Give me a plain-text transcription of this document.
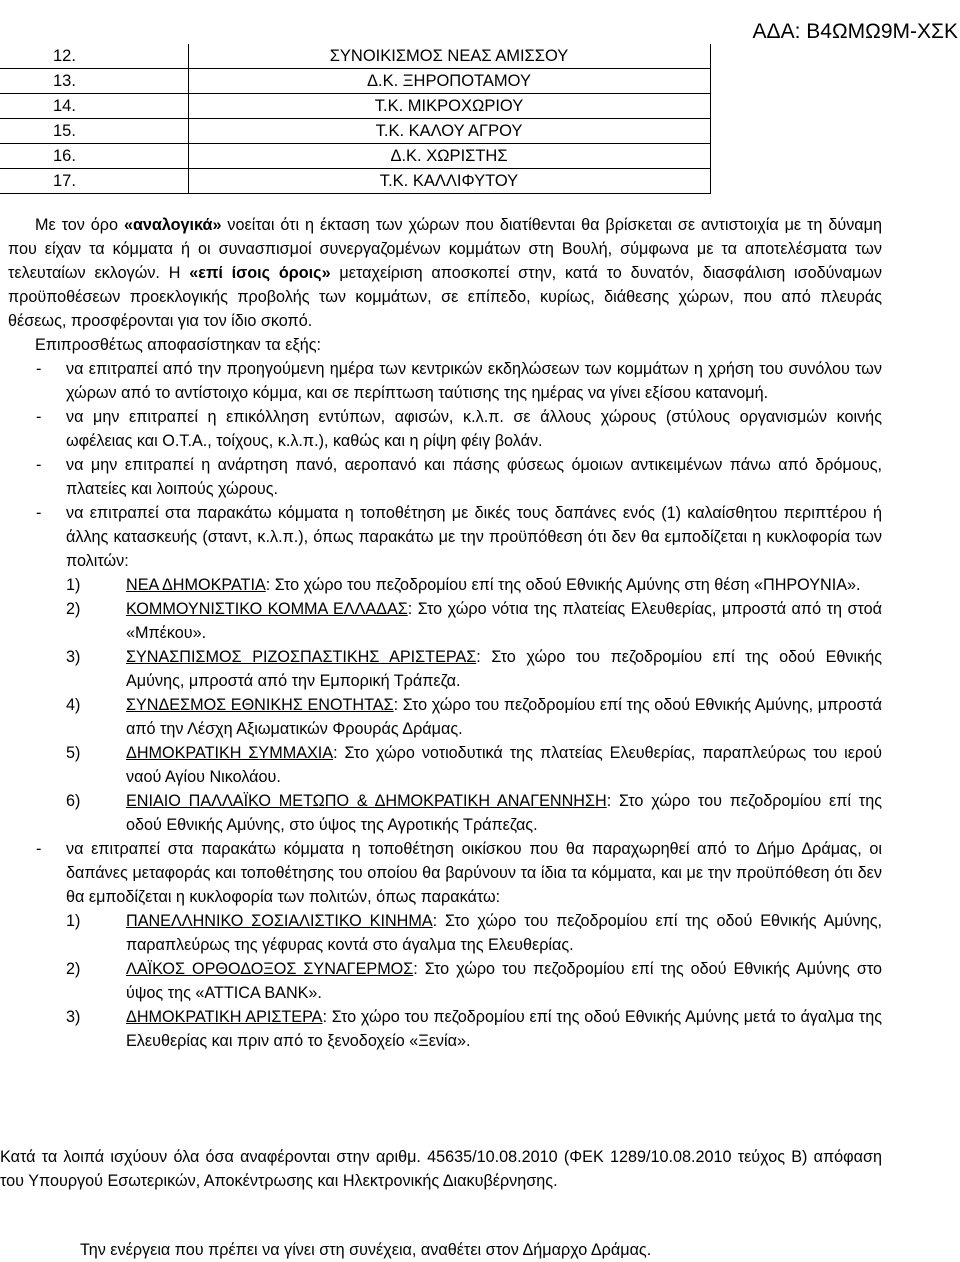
ΑΔΑ: Β4ΩΜΩ9Μ-ΧΣΚ
12.	ΣΥΝΟΙΚΙΣΜΟΣ ΝΕΑΣ ΑΜΙΣΣΟΥ
13.	Δ.Κ. ΞΗΡΟΠΟΤΑΜΟΥ
14.	Τ.Κ. ΜΙΚΡΟΧΩΡΙΟΥ
15.	Τ.Κ. ΚΑΛΟΥ ΑΓΡΟΥ
16.	Δ.Κ. ΧΩΡΙΣΤΗΣ
17.	Τ.Κ. ΚΑΛΛΙΦΥΤΟΥ

Με τον όρο «αναλογικά» νοείται ότι η έκταση των χώρων που διατίθενται θα βρίσκεται σε αντιστοιχία με τη δύναμη που είχαν τα κόμματα ή οι συνασπισμοί συνεργαζομένων κομμάτων στη Βουλή, σύμφωνα με τα αποτελέσματα των τελευταίων εκλογών. Η «επί ίσοις όροις» μεταχείριση αποσκοπεί στην, κατά το δυνατόν, διασφάλιση ισοδύναμων προϋποθέσεων προεκλογικής προβολής των κομμάτων, σε επίπεδο, κυρίως, διάθεσης χώρων, που από πλευράς θέσεως, προσφέρονται για τον ίδιο σκοπό.

Επιπροσθέτως αποφασίστηκαν τα εξής:

- να επιτραπεί από την προηγούμενη ημέρα των κεντρικών εκδηλώσεων των κομμάτων η χρήση του συνόλου των χώρων από το αντίστοιχο κόμμα, και σε περίπτωση ταύτισης της ημέρας να γίνει εξίσου κατανομή.

- να μην επιτραπεί η επικόλληση εντύπων, αφισών, κ.λ.π. σε άλλους χώρους (στύλους οργανισμών κοινής ωφέλειας και Ο.Τ.Α., τοίχους, κ.λ.π.), καθώς και η ρίψη φέιγ βολάν.

- να μην επιτραπεί η ανάρτηση πανό, αεροπανό και πάσης φύσεως όμοιων αντικειμένων πάνω από δρόμους, πλατείες και λοιπούς χώρους.

- να επιτραπεί στα παρακάτω κόμματα η τοποθέτηση με δικές τους δαπάνες ενός (1) καλαίσθητου περιπτέρου ή άλλης κατασκευής (σταντ, κ.λ.π.), όπως παρακάτω με την προϋπόθεση ότι δεν θα εμποδίζεται η κυκλοφορία των πολιτών:

1)	ΝΕΑ ΔΗΜΟΚΡΑΤΙΑ: Στο χώρο του πεζοδρομίου επί της οδού Εθνικής Αμύνης στη θέση «ΠΗΡΟΥΝΙΑ».

2)	ΚΟΜΜΟΥΝΙΣΤΙΚΟ ΚΟΜΜΑ ΕΛΛΑΔΑΣ: Στο χώρο νότια της πλατείας Ελευθερίας, μπροστά από τη στοά «Μπέκου».

3)	ΣΥΝΑΣΠΙΣΜΟΣ ΡΙΖΟΣΠΑΣΤΙΚΗΣ ΑΡΙΣΤΕΡΑΣ: Στο χώρο του πεζοδρομίου επί της οδού Εθνικής Αμύνης, μπροστά από την Εμπορική Τράπεζα.

4)	ΣΥΝΔΕΣΜΟΣ ΕΘΝΙΚΗΣ ΕΝΟΤΗΤΑΣ: Στο χώρο του πεζοδρομίου επί της οδού Εθνικής Αμύνης, μπροστά από την Λέσχη Αξιωματικών Φρουράς Δράμας.

5)	ΔΗΜΟΚΡΑΤΙΚΗ ΣΥΜΜΑΧΙΑ: Στο χώρο νοτιοδυτικά της πλατείας Ελευθερίας, παραπλεύρως του ιερού ναού Αγίου Νικολάου.

6)	ΕΝΙΑΙΟ ΠΑΛΛΑΪΚΟ ΜΕΤΩΠΟ & ΔΗΜΟΚΡΑΤΙΚΗ ΑΝΑΓΕΝΝΗΣΗ: Στο χώρο του πεζοδρομίου επί της οδού Εθνικής Αμύνης, στο ύψος της Αγροτικής Τράπεζας.

- να επιτραπεί στα παρακάτω κόμματα η τοποθέτηση οικίσκου που θα παραχωρηθεί από το Δήμο Δράμας, οι δαπάνες μεταφοράς και τοποθέτησης του οποίου θα βαρύνουν τα ίδια τα κόμματα, και με την προϋπόθεση ότι δεν θα εμποδίζεται η κυκλοφορία των πολιτών, όπως παρακάτω:

1)	ΠΑΝΕΛΛΗΝΙΚΟ ΣΟΣΙΑΛΙΣΤΙΚΟ ΚΙΝΗΜΑ: Στο χώρο του πεζοδρομίου επί της οδού Εθνικής Αμύνης, παραπλεύρως της γέφυρας κοντά στο άγαλμα της Ελευθερίας.

2)	ΛΑΪΚΟΣ ΟΡΘΟΔΟΞΟΣ ΣΥΝΑΓΕΡΜΟΣ: Στο χώρο του πεζοδρομίου επί της οδού Εθνικής Αμύνης στο ύψος της «ATTICA BANK».

3)	ΔΗΜΟΚΡΑΤΙΚΗ ΑΡΙΣΤΕΡΑ: Στο χώρο του πεζοδρομίου επί της οδού Εθνικής Αμύνης μετά το άγαλμα της Ελευθερίας και πριν από το ξενοδοχείο «Ξενία».

Κατά τα λοιπά ισχύουν όλα όσα αναφέρονται στην αριθμ. 45635/10.08.2010 (ΦΕΚ 1289/10.08.2010 τεύχος Β) απόφαση του Υπουργού Εσωτερικών, Αποκέντρωσης και Ηλεκτρονικής Διακυβέρνησης.

Την ενέργεια που πρέπει να γίνει στη συνέχεια, αναθέτει στον Δήμαρχο Δράμας.
